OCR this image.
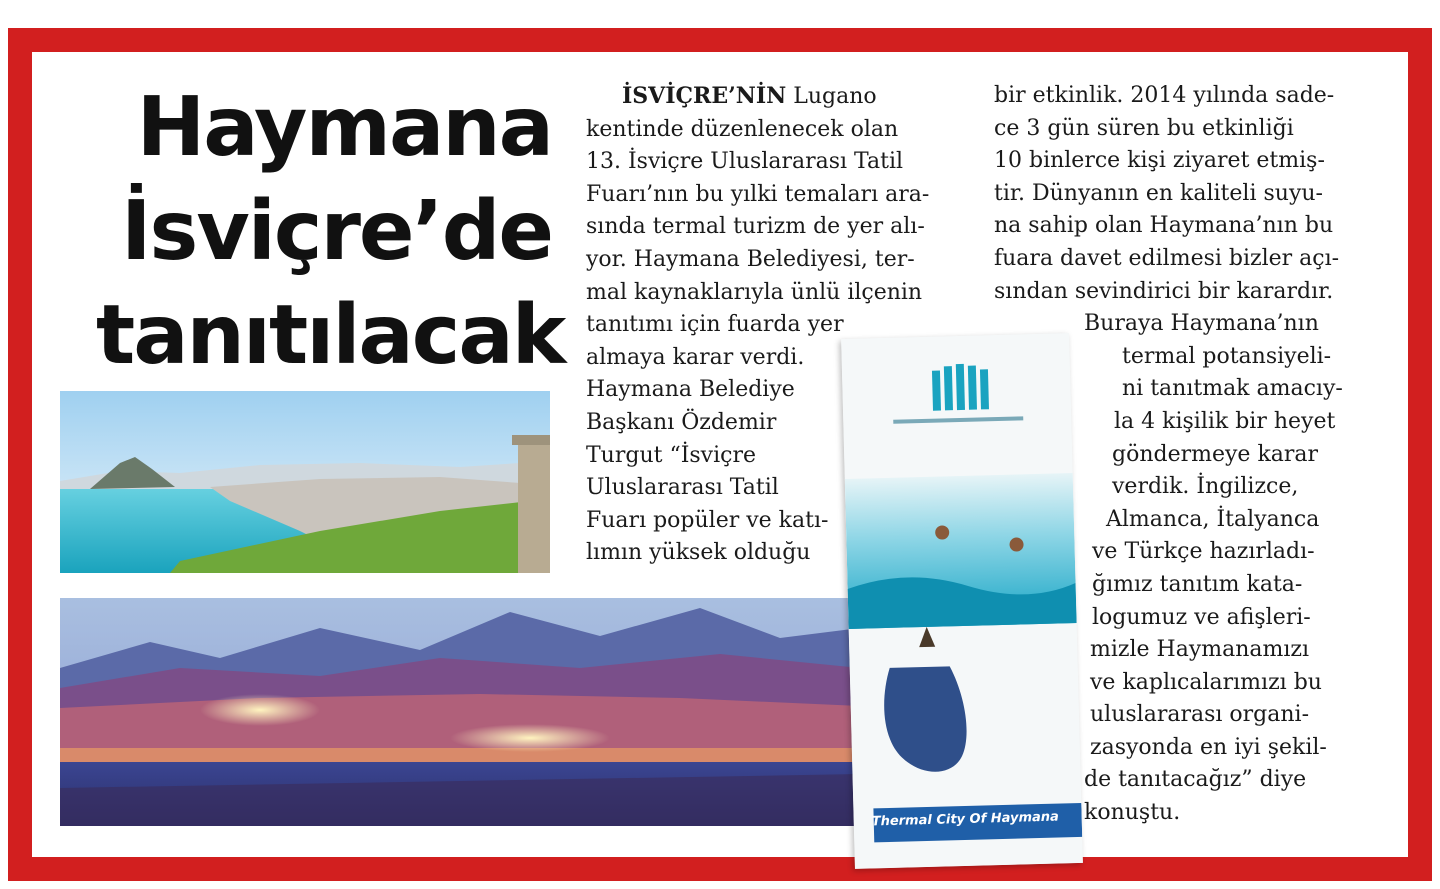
Haymana
İsviçre’de
tanıtılacak
Thermal City Of Haymana
İSVİÇRE’NİN Lugano
kentinde düzenlenecek olan
13. İsviçre Uluslararası Tatil
Fuarı’nın bu yılki temaları ara-
sında termal turizm de yer alı-
yor. Haymana Belediyesi, ter-
mal kaynaklarıyla ünlü ilçenin
tanıtımı için fuarda yer
almaya karar verdi.
Haymana Belediye
Başkanı Özdemir
Turgut “İsviçre
Uluslararası Tatil
Fuarı popüler ve katı-
lımın yüksek olduğu
bir etkinlik. 2014 yılında sade-
ce 3 gün süren bu etkinliği
10 binlerce kişi ziyaret etmiş-
tir. Dünyanın en kaliteli suyu-
na sahip olan Haymana’nın bu
fuara davet edilmesi bizler açı-
sından sevindirici bir karardır.
Buraya Haymana’nın
termal potansiyeli-
ni tanıtmak amacıy-
la 4 kişilik bir heyet
göndermeye karar
verdik. İngilizce,
Almanca, İtalyanca
ve Türkçe hazırladı-
ğımız tanıtım kata-
logumuz ve afişleri-
mizle Haymanamızı
ve kaplıcalarımızı bu
uluslararası organi-
zasyonda en iyi şekil-
de tanıtacağız” diye
konuştu.
